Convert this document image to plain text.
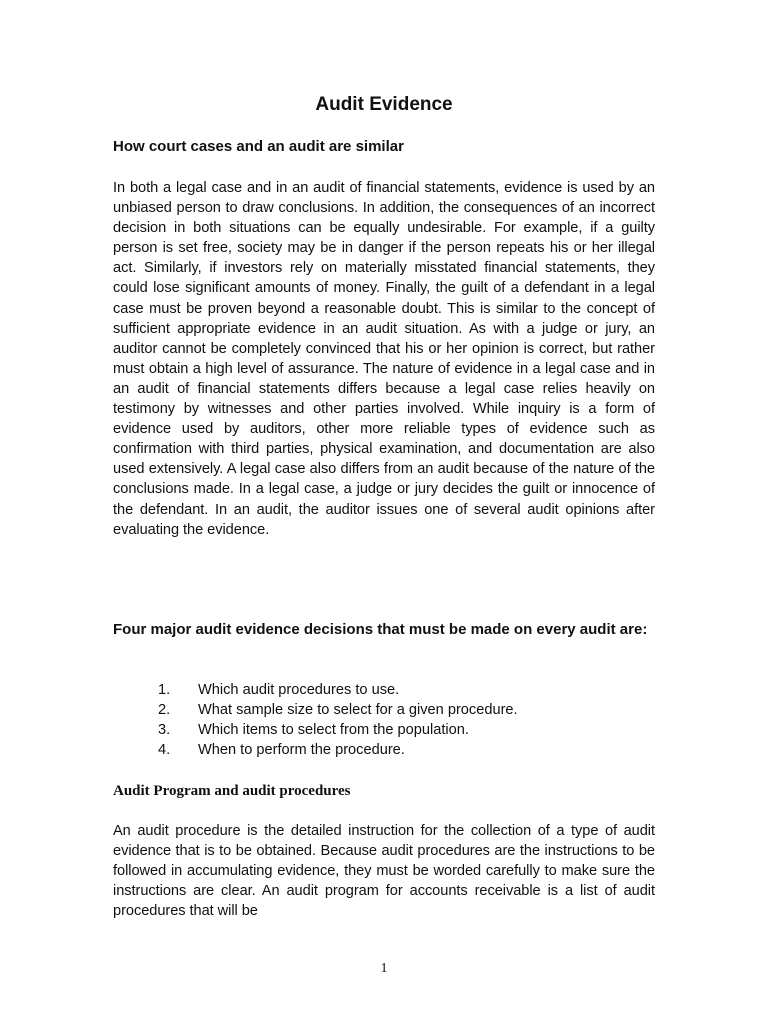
Audit Evidence
How court cases and an audit are similar
In both a legal case and in an audit of financial statements, evidence is used by an unbiased person to draw conclusions. In addition, the consequences of an incorrect decision in both situations can be equally undesirable. For example, if a guilty person is set free, society may be in danger if the person repeats his or her illegal act. Similarly, if investors rely on materially misstated financial statements, they could lose significant amounts of money. Finally, the guilt of a defendant in a legal case must be proven beyond a reasonable doubt. This is similar to the concept of sufficient appropriate evidence in an audit situation. As with a judge or jury, an auditor cannot be completely convinced that his or her opinion is correct, but rather must obtain a high level of assurance. The nature of evidence in a legal case and in an audit of financial statements differs because a legal case relies heavily on testimony by witnesses and other parties involved. While inquiry is a form of evidence used by auditors, other more reliable types of evidence such as confirmation with third parties, physical examination, and documentation are also used extensively. A legal case also differs from an audit because of the nature of the conclusions made. In a legal case, a judge or jury decides the guilt or innocence of the defendant. In an audit, the auditor issues one of several audit opinions after evaluating the evidence.
Four major audit evidence decisions that must be made on every audit are:
1.	Which audit procedures to use.
2.	What sample size to select for a given procedure.
3.	Which items to select from the population.
4.	When to perform the procedure.
Audit Program and audit procedures
An audit procedure is the detailed instruction for the collection of a type of audit evidence that is to be obtained. Because audit procedures are the instructions to be followed in accumulating evidence, they must be worded carefully to make sure the instructions are clear. An audit program for accounts receivable is a list of audit procedures that will be
1
